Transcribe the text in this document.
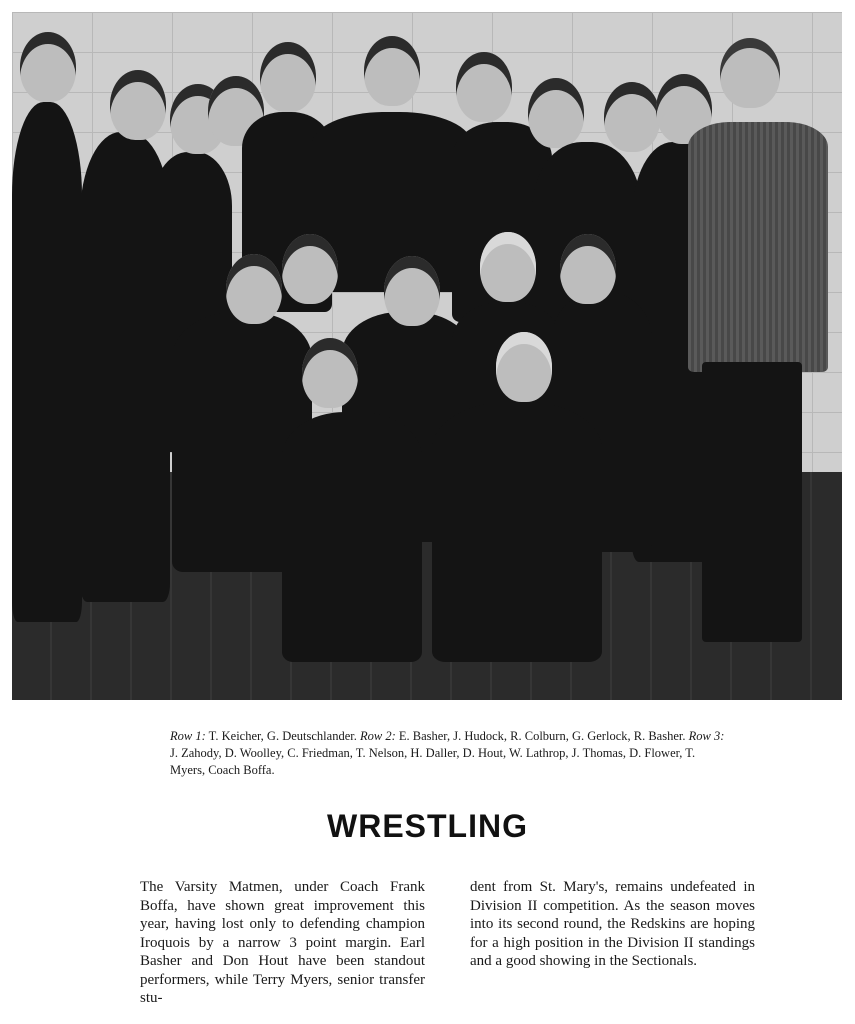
Row 1: T. Keicher, G. Deutschlander. Row 2: E. Basher, J. Hudock, R. Colburn, G. Gerlock, R. Basher. Row 3: J. Zahody, D. Woolley, C. Friedman, T. Nelson, H. Daller, D. Hout, W. Lathrop, J. Thomas, D. Flower, T. Myers, Coach Boffa.
WRESTLING
The Varsity Matmen, under Coach Frank Boffa, have shown great improvement this year, having lost only to defending champion Iroquois by a narrow 3 point margin. Earl Basher and Don Hout have been standout performers, while Terry Myers, senior transfer stu-
dent from St. Mary's, remains undefeated in Division II competition. As the season moves into its second round, the Redskins are hoping for a high position in the Division II standings and a good showing in the Sectionals.
